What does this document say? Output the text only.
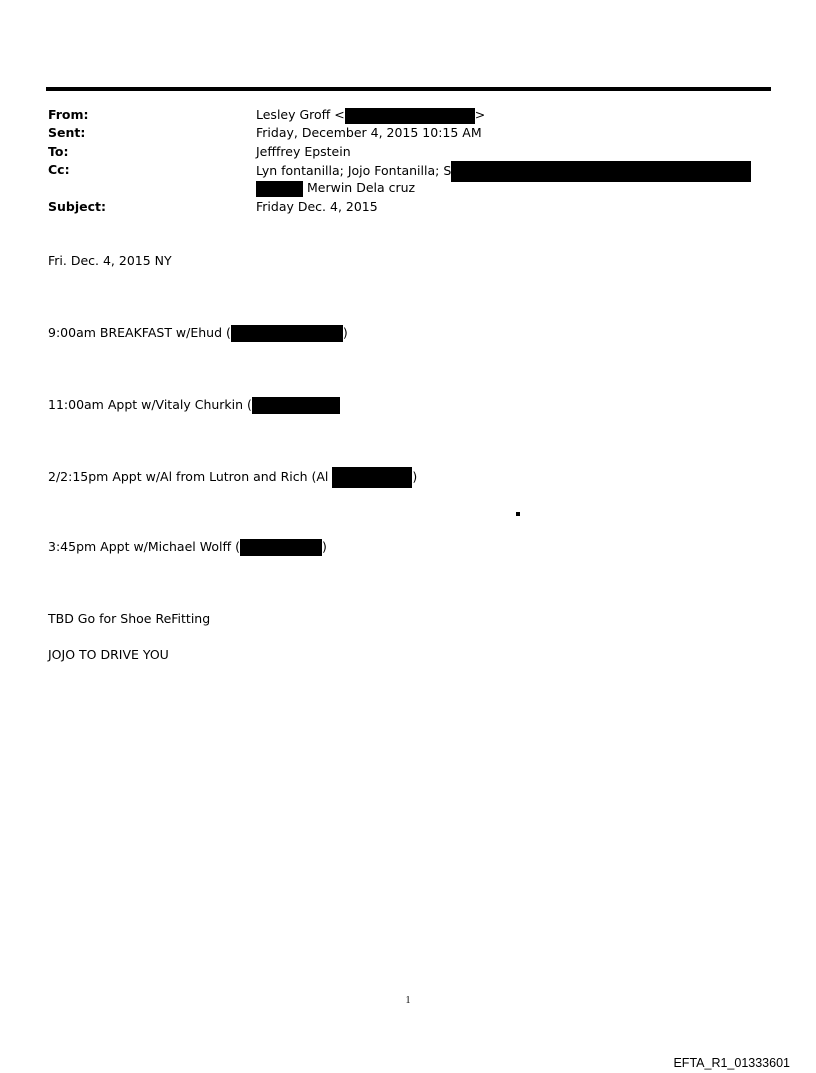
From:	Lesley Groff <	>
Sent:	Friday, December 4, 2015 10:15 AM
To:	Jefffrey Epstein
Cc:	Lyn fontanilla; Jojo Fontanilla; S
Merwin Dela cruz
Subject:	Friday Dec. 4, 2015
Fri. Dec. 4, 2015 NY
9:00am BREAKFAST w/Ehud (	)
11:00am Appt w/Vitaly Churkin (
2/2:15pm Appt w/Al from Lutron and Rich (Al	)
3:45pm Appt w/Michael Wolff (	)
TBD Go for Shoe ReFitting
JOJO TO DRIVE YOU
1
EFTA_R1_01333601
